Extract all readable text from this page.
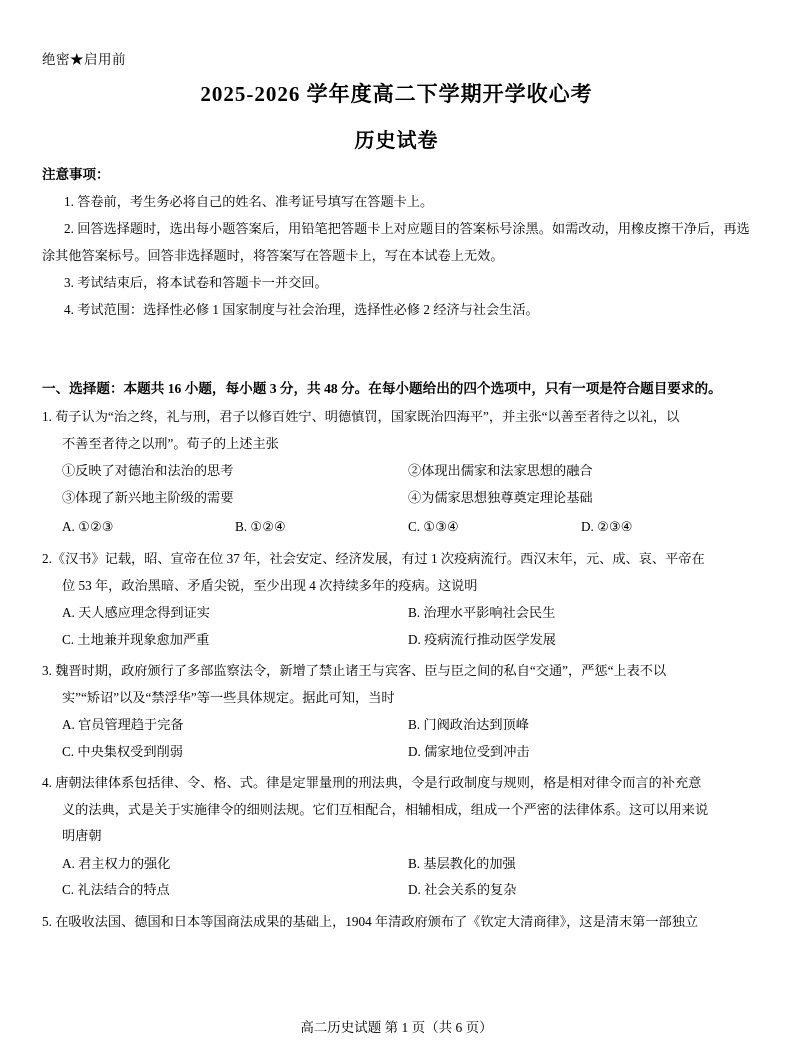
绝密★启用前
2025-2026 学年度高二下学期开学收心考
历史试卷
注意事项：

1. 答卷前，考生务必将自己的姓名、准考证号填写在答题卡上。

2. 回答选择题时，选出每小题答案后，用铅笔把答题卡上对应题目的答案标号涂黑。如需改动，用橡皮擦干净后，再选涂其他答案标号。回答非选择题时，将答案写在答题卡上，写在本试卷上无效。

3. 考试结束后，将本试卷和答题卡一并交回。

4. 考试范围：选择性必修 1 国家制度与社会治理，选择性必修 2 经济与社会生活。

一、选择题：本题共 16 小题，每小题 3 分，共 48 分。在每小题给出的四个选项中，只有一项是符合题目要求的。
1. 荀子认为“治之终，礼与刑，君子以修百姓宁、明德慎罚，国家既治四海平”，并主张“以善至者待之以礼，以
不善至者待之以刑”。荀子的上述主张
①反映了对德治和法治的思考	②体现出儒家和法家思想的融合
③体现了新兴地主阶级的需要	④为儒家思想独尊奠定理论基础
A. ①②③	B. ①②④	C. ①③④	D. ②③④
2.《汉书》记载，昭、宣帝在位 37 年，社会安定、经济发展，有过 1 次疫病流行。西汉末年，元、成、哀、平帝在
位 53 年，政治黑暗、矛盾尖锐，至少出现 4 次持续多年的疫病。这说明
A. 天人感应理念得到证实	B. 治理水平影响社会民生
C. 土地兼并现象愈加严重	D. 疫病流行推动医学发展
3. 魏晋时期，政府颁行了多部监察法令，新增了禁止诸王与宾客、臣与臣之间的私自“交通”，严惩“上表不以
实”“矫诏”以及“禁浮华”等一些具体规定。据此可知，当时
A. 官员管理趋于完备	B. 门阀政治达到顶峰
C. 中央集权受到削弱	D. 儒家地位受到冲击
4. 唐朝法律体系包括律、令、格、式。律是定罪量刑的刑法典，令是行政制度与规则，格是相对律令而言的补充意
义的法典，式是关于实施律令的细则法规。它们互相配合，相辅相成，组成一个严密的法律体系。这可以用来说
明唐朝
A. 君主权力的强化	B. 基层教化的加强
C. 礼法结合的特点	D. 社会关系的复杂
5. 在吸收法国、德国和日本等国商法成果的基础上，1904 年清政府颁布了《钦定大清商律》，这是清末第一部独立
高二历史试题 第 1 页（共 6 页）
